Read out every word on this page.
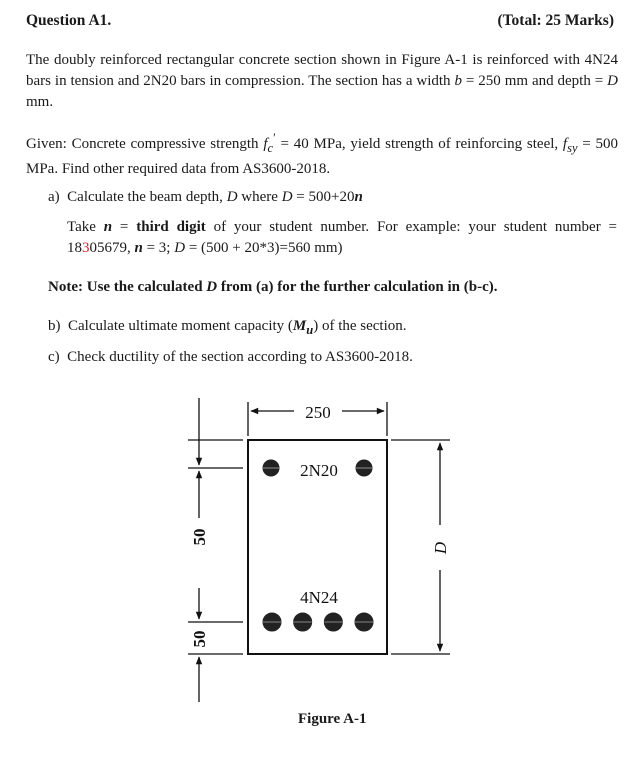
Question A1.	(Total: 25 Marks)
The doubly reinforced rectangular concrete section shown in Figure A-1 is reinforced with 4N24 bars in tension and 2N20 bars in compression. The section has a width b = 250 mm and depth = D mm.
Given: Concrete compressive strength $f_c' = 40$ MPa, yield strength of reinforcing steel, $f_{sy} = 500$ MPa. Find other required data from AS3600-2018.
a) Calculate the beam depth, D where D = 500+20n
Take n = third digit of your student number. For example: your student number = 18305679, n = 3; D = (500 + 20*3)=560 mm)
Note: Use the calculated D from (a) for the further calculation in (b-c).
b) Calculate ultimate moment capacity $(M_u)$ of the section.
c) Check ductility of the section according to AS3600-2018.
250
2N20
4N24
D
50
50
Figure A-1
